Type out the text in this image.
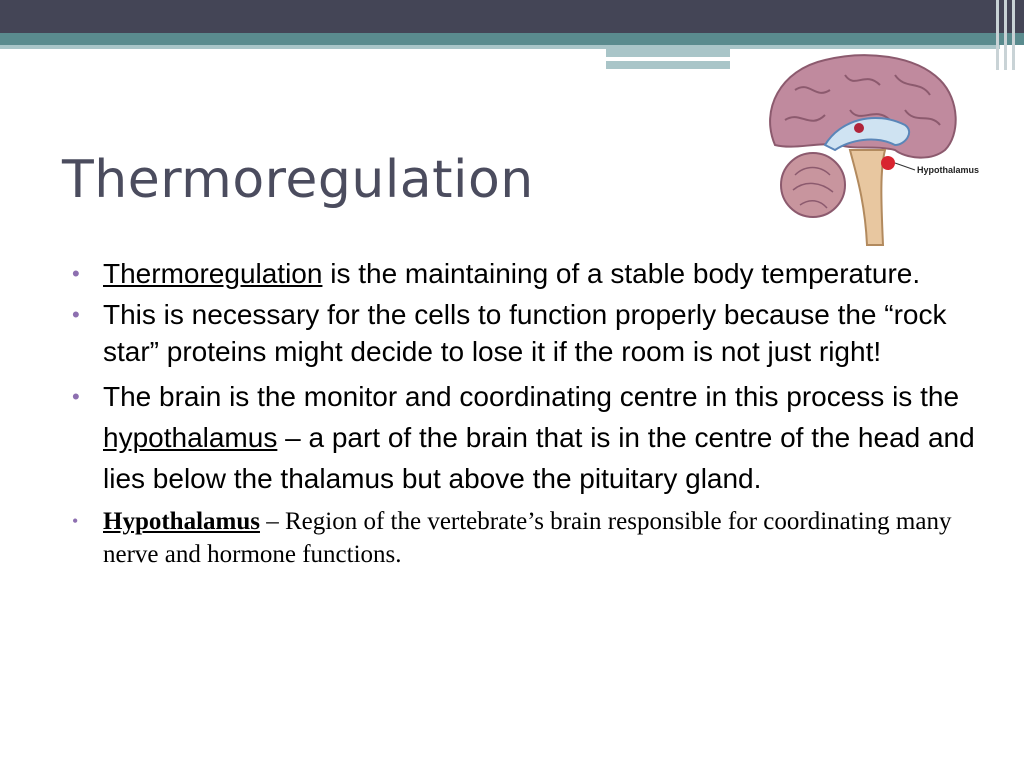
Thermoregulation	Hypothalamus
• Thermoregulation is the maintaining of a stable body temperature.
• This is necessary for the cells to function properly because the “rock star” proteins might decide to lose it if the room is not just right!
• The brain is the monitor and coordinating centre in this process is the hypothalamus – a part of the brain that is in the centre of the head and lies below the thalamus but above the pituitary gland.
• Hypothalamus – Region of the vertebrate’s brain responsible for coordinating many nerve and hormone functions.
